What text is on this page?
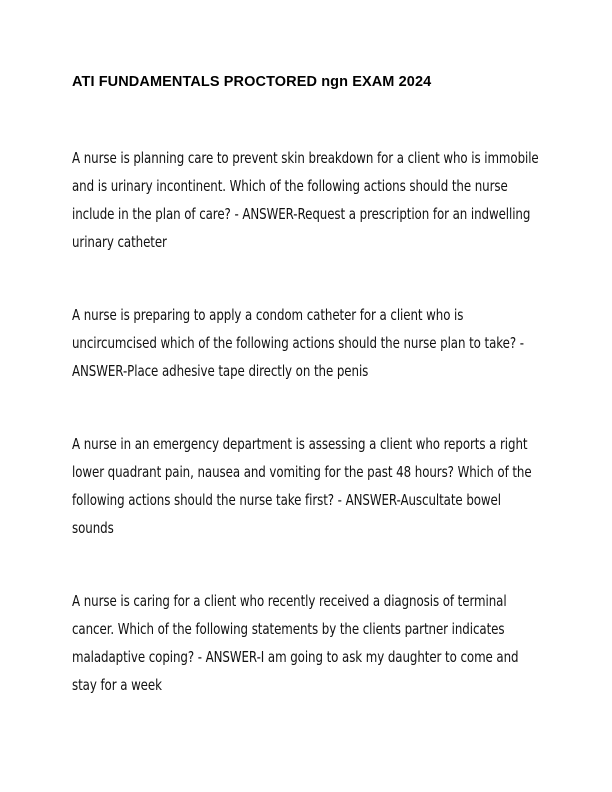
ATI FUNDAMENTALS PROCTORED ngn EXAM 2024
A nurse is planning care to prevent skin breakdown for a client who is immobile and is urinary incontinent. Which of the following actions should the nurse include in the plan of care? - ANSWER-Request a prescription for an indwelling urinary catheter
A nurse is preparing to apply a condom catheter for a client who is uncircumcised which of the following actions should the nurse plan to take? - ANSWER-Place adhesive tape directly on the penis
A nurse in an emergency department is assessing a client who reports a right lower quadrant pain, nausea and vomiting for the past 48 hours? Which of the following actions should the nurse take first? - ANSWER-Auscultate bowel sounds
A nurse is caring for a client who recently received a diagnosis of terminal cancer. Which of the following statements by the clients partner indicates maladaptive coping? - ANSWER-I am going to ask my daughter to come and stay for a week
